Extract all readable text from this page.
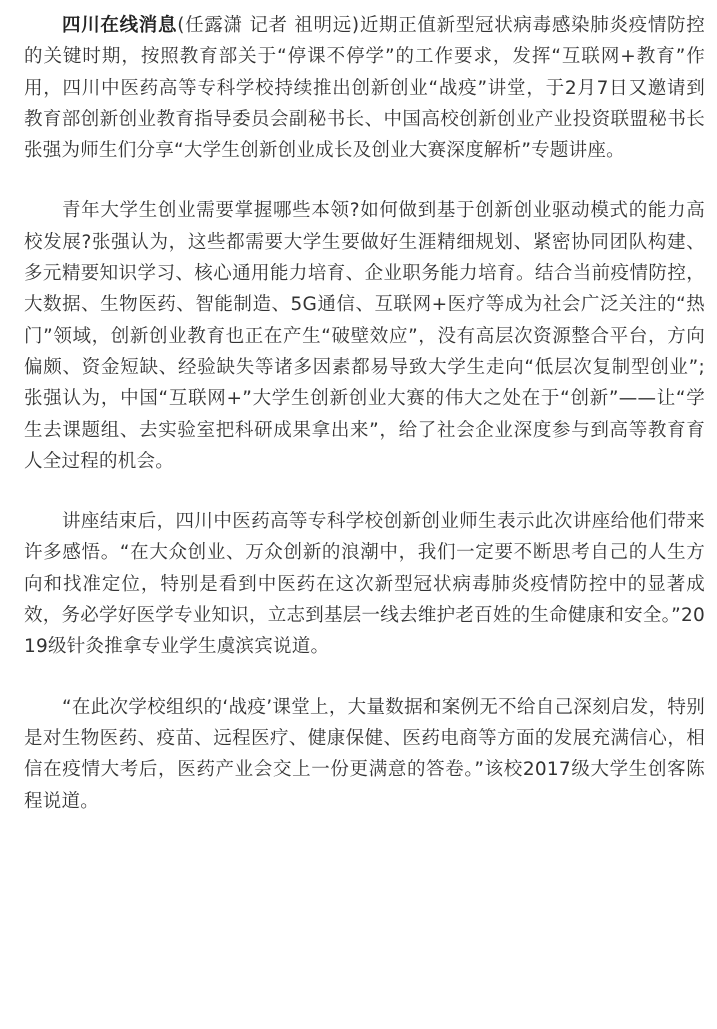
四川在线消息(任露潇 记者 祖明远)近期正值新型冠状病毒感染肺炎疫情防控的关键时期，按照教育部关于“停课不停学”的工作要求，发挥“互联网+教育”作用，四川中医药高等专科学校持续推出创新创业“战疫”讲堂，于2月7日又邀请到教育部创新创业教育指导委员会副秘书长、中国高校创新创业产业投资联盟秘书长张强为师生们分享“大学生创新创业成长及创业大赛深度解析”专题讲座。

青年大学生创业需要掌握哪些本领?如何做到基于创新创业驱动模式的能力高校发展?张强认为，这些都需要大学生要做好生涯精细规划、紧密协同团队构建、多元精要知识学习、核心通用能力培育、企业职务能力培育。结合当前疫情防控，大数据、生物医药、智能制造、5G通信、互联网+医疗等成为社会广泛关注的“热门”领域，创新创业教育也正在产生“破壁效应”，没有高层次资源整合平台，方向偏颇、资金短缺、经验缺失等诸多因素都易导致大学生走向“低层次复制型创业”;张强认为，中国“互联网+”大学生创新创业大赛的伟大之处在于“创新”——让“学生去课题组、去实验室把科研成果拿出来”，给了社会企业深度参与到高等教育育人全过程的机会。

讲座结束后，四川中医药高等专科学校创新创业师生表示此次讲座给他们带来许多感悟。“在大众创业、万众创新的浪潮中，我们一定要不断思考自己的人生方向和找准定位，特别是看到中医药在这次新型冠状病毒肺炎疫情防控中的显著成效，务必学好医学专业知识，立志到基层一线去维护老百姓的生命健康和安全。”2019级针灸推拿专业学生虞滨宾说道。

“在此次学校组织的‘战疫’课堂上，大量数据和案例无不给自己深刻启发，特别是对生物医药、疫苗、远程医疗、健康保健、医药电商等方面的发展充满信心，相信在疫情大考后，医药产业会交上一份更满意的答卷。”该校2017级大学生创客陈程说道。
